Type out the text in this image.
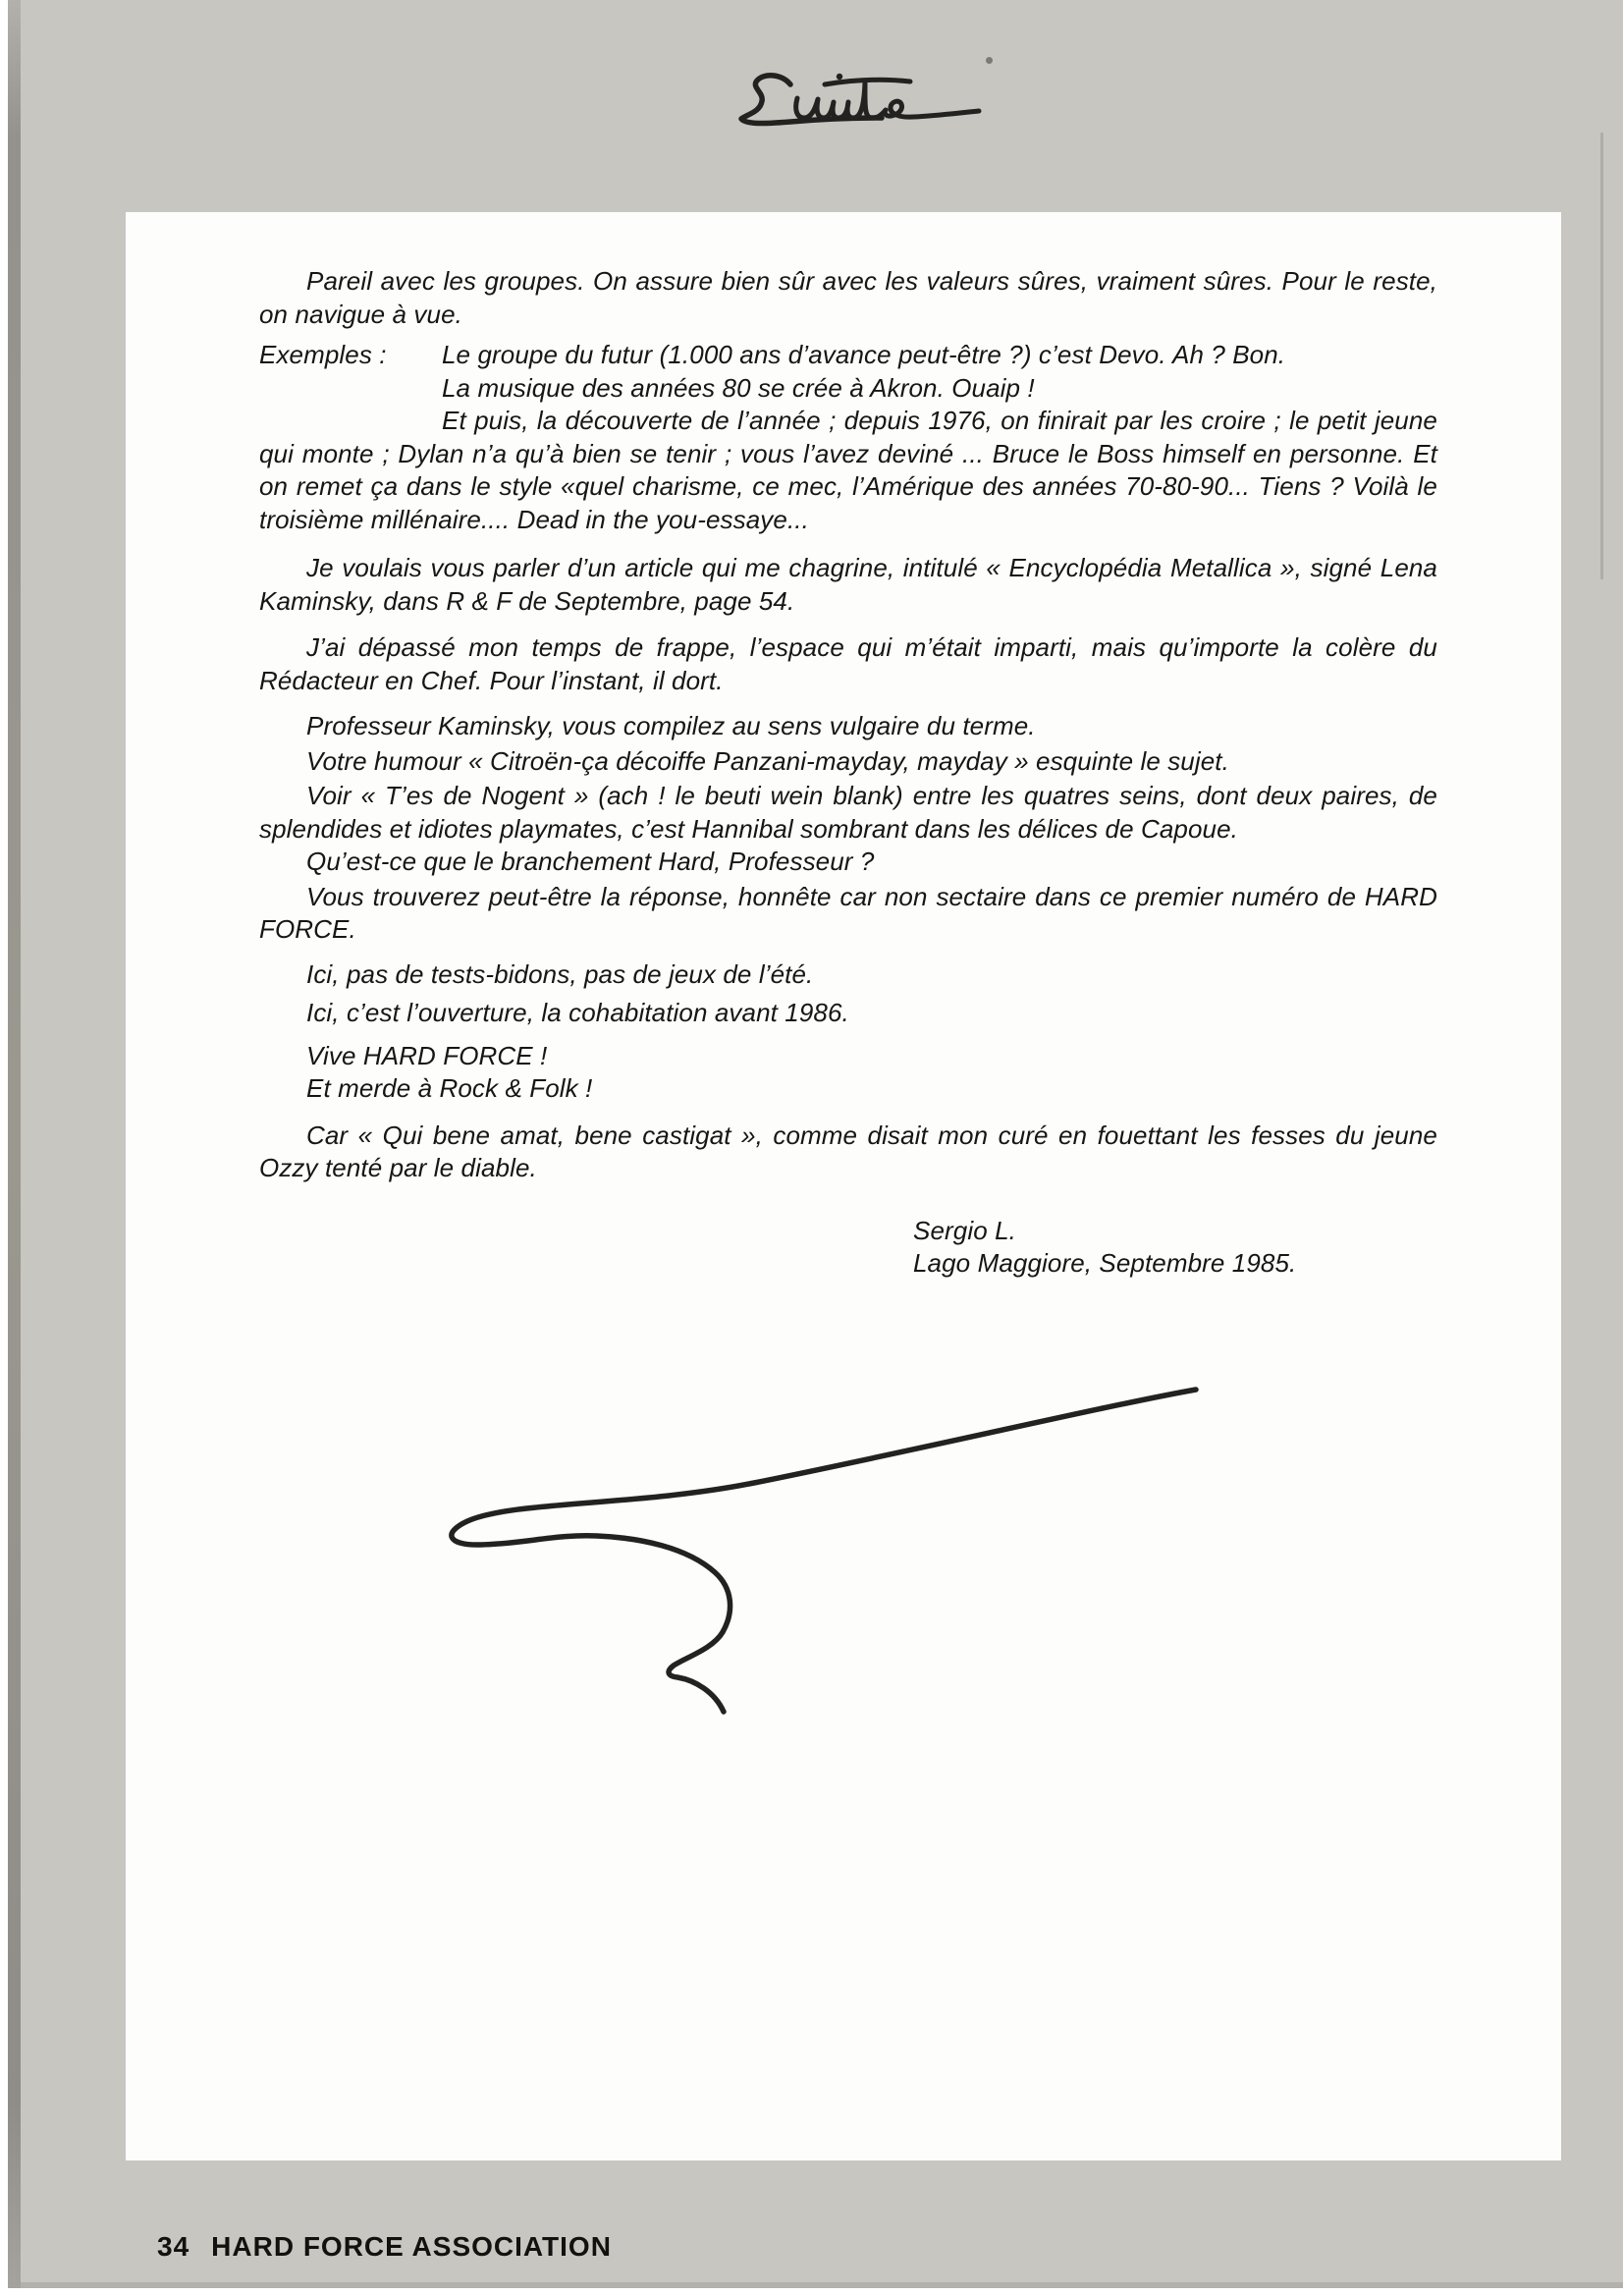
Pareil avec les groupes. On assure bien sûr avec les valeurs sûres, vraiment sûres. Pour le reste, on navigue à vue.

Exemples :	Le groupe du futur (1.000 ans d’avance peut-être ?) c’est Devo. Ah ? Bon.
La musique des années 80 se crée à Akron. Ouaip !

Et puis, la découverte de l’année ; depuis 1976, on finirait par les croire ; le petit jeune qui monte ; Dylan n’a qu’à bien se tenir ; vous l’avez deviné ... Bruce le Boss himself en personne. Et on remet ça dans le style «quel charisme, ce mec, l’Amérique des années 70-80-90... Tiens ? Voilà le troisième millénaire.... Dead in the you-essaye...

Je voulais vous parler d’un article qui me chagrine, intitulé « Encyclopédia Metallica », signé Lena Kaminsky, dans R & F de Septembre, page 54.

J’ai dépassé mon temps de frappe, l’espace qui m’était imparti, mais qu’importe la colère du Rédacteur en Chef. Pour l’instant, il dort.

Professeur Kaminsky, vous compilez au sens vulgaire du terme.

Votre humour « Citroën-ça décoiffe Panzani-mayday, mayday » esquinte le sujet.

Voir « T’es de Nogent » (ach ! le beuti wein blank) entre les quatres seins, dont deux paires, de splendides et idiotes playmates, c’est Hannibal sombrant dans les délices de Capoue.

Qu’est-ce que le branchement Hard, Professeur ?

Vous trouverez peut-être la réponse, honnête car non sectaire dans ce premier numéro de HARD FORCE.

Ici, pas de tests-bidons, pas de jeux de l’été.

Ici, c’est l’ouverture, la cohabitation avant 1986.

Vive HARD FORCE !
Et merde à Rock & Folk !

Car « Qui bene amat, bene castigat », comme disait mon curé en fouettant les fesses du jeune Ozzy tenté par le diable.

Sergio L.
Lago Maggiore, Septembre 1985.
34 HARD FORCE ASSOCIATION
